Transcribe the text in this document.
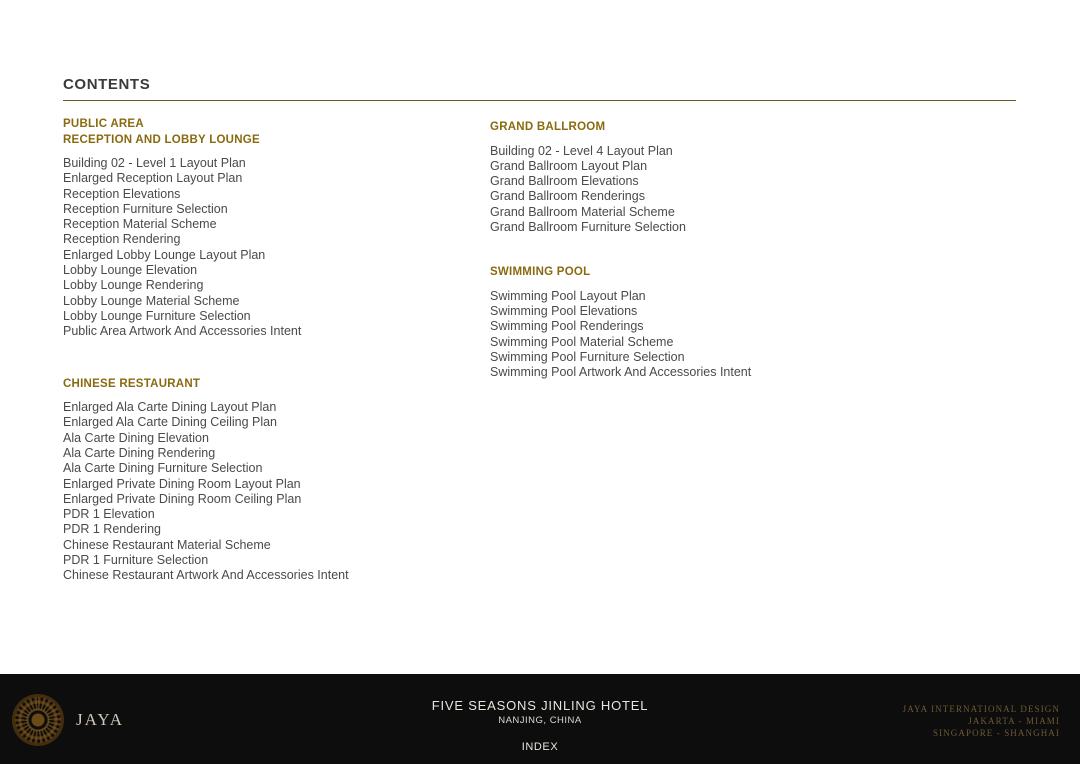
CONTENTS
PUBLIC AREA
RECEPTION AND LOBBY LOUNGE
Building 02 - Level 1 Layout Plan
Enlarged Reception Layout Plan
Reception Elevations
Reception Furniture Selection
Reception Material Scheme
Reception Rendering
Enlarged Lobby Lounge Layout Plan
Lobby Lounge Elevation
Lobby Lounge Rendering
Lobby Lounge Material Scheme
Lobby Lounge Furniture Selection
Public Area Artwork And Accessories Intent
CHINESE RESTAURANT
Enlarged Ala Carte Dining Layout Plan
Enlarged Ala Carte Dining Ceiling Plan
Ala Carte Dining Elevation
Ala Carte Dining Rendering
Ala Carte Dining Furniture Selection
Enlarged Private Dining Room Layout Plan
Enlarged Private Dining Room Ceiling Plan
PDR 1 Elevation
PDR 1 Rendering
Chinese Restaurant Material Scheme
PDR 1 Furniture Selection
Chinese Restaurant Artwork And Accessories Intent
GRAND BALLROOM
Building 02 - Level 4 Layout Plan
Grand Ballroom Layout Plan
Grand Ballroom Elevations
Grand Ballroom Renderings
Grand Ballroom Material Scheme
Grand Ballroom Furniture Selection
SWIMMING POOL
Swimming Pool Layout Plan
Swimming Pool Elevations
Swimming Pool Renderings
Swimming Pool Material Scheme
Swimming Pool Furniture Selection
Swimming Pool Artwork And Accessories Intent
JAYA
FIVE SEASONS JINLING HOTEL
NANJING, CHINA
INDEX
JAYA INTERNATIONAL DESIGN
JAKARTA - MIAMI
SINGAPORE - SHANGHAI
